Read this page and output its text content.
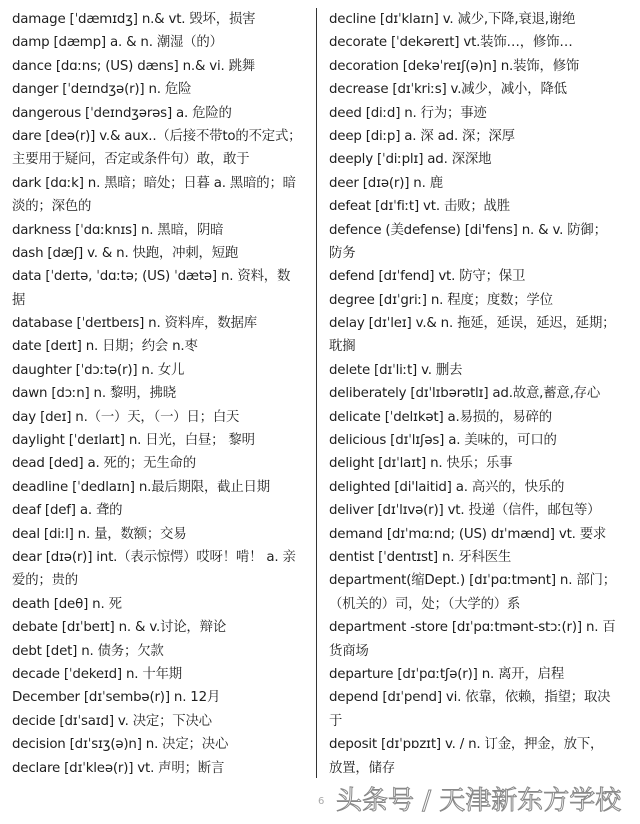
damage [ˈdæmɪdʒ] n.& vt. 毁坏，损害
damp [dæmp] a. & n. 潮湿（的）
dance [dɑːns; (US) dæns] n.& vi. 跳舞
danger [ˈdeɪndʒə(r)] n. 危险
dangerous [ˈdeɪndʒərəs] a. 危险的
dare [deə(r)] v.& aux..（后接不带to的不定式；
主要用于疑问，否定或条件句）敢，敢于
dark [dɑːk] n. 黑暗；暗处；日暮 a. 黑暗的；暗
淡的；深色的
darkness [ˈdɑːknɪs] n. 黑暗，阴暗
dash [dæʃ] v. & n. 快跑，冲刺，短跑
data [ˈdeɪtə, ˈdɑːtə; (US) ˈdætə] n. 资料，数
据
database [ˈdeɪtbeɪs] n. 资料库，数据库
date [deɪt] n. 日期；约会 n.枣
daughter [ˈdɔːtə(r)] n. 女儿
dawn [dɔːn] n. 黎明，拂晓
day [deɪ] n.（一）天，（一）日；白天
daylight [ˈdeɪlaɪt] n. 日光，白昼； 黎明
dead [ded] a. 死的；无生命的
deadline [ˈdedlaɪn] n.最后期限，截止日期
deaf [def] a. 聋的
deal [diːl] n. 量，数额；交易
dear [dɪə(r)] int.（表示惊愕）哎呀！啃！ a. 亲
爱的；贵的
death [deθ] n. 死
debate [dɪˈbeɪt] n. & v.讨论，辩论
debt [det] n. 债务；欠款
decade [ˈdekeɪd] n. 十年期
December [dɪˈsembə(r)] n. 12月
decide [dɪˈsaɪd] v. 决定；下决心
decision [dɪˈsɪʒ(ə)n] n. 决定；决心
declare [dɪˈkleə(r)] vt. 声明；断言
decline [dɪˈklaɪn] v. 减少,下降,衰退,谢绝
decorate [ˈdekəreɪt] vt.装饰…，修饰…
decoration [dekəˈreɪʃ(ə)n] n.装饰，修饰
decrease [dɪˈkriːs] v.减少，减小，降低
deed [diːd] n. 行为；事迹
deep [diːp] a. 深 ad. 深；深厚
deeply [ˈdiːplɪ] ad. 深深地
deer [dɪə(r)] n. 鹿
defeat [dɪˈfiːt] vt. 击败；战胜
defence (美defense) [di'fens] n. & v. 防御；
防务
defend [dɪˈfend] vt. 防守；保卫
degree [dɪˈgriː] n. 程度；度数；学位
delay [dɪˈleɪ] v.& n. 拖延，延误，延迟，延期；
耽搁
delete [dɪˈliːt] v. 删去
deliberately [dɪˈlɪbərətlɪ] ad.故意,蓄意,存心
delicate [ˈdelɪkət] a.易损的，易碎的
delicious [dɪˈlɪʃəs] a. 美味的，可口的
delight [dɪˈlaɪt] n. 快乐；乐事
delighted [di'laitid] a. 高兴的，快乐的
deliver [dɪˈlɪvə(r)] vt. 投递（信件，邮包等）
demand [dɪˈmɑːnd; (US) dɪˈmænd] vt. 要求
dentist [ˈdentɪst] n. 牙科医生
department(缩Dept.) [dɪˈpɑːtmənt] n. 部门；
（机关的）司，处；（大学的）系
department -store [dɪˈpɑːtmənt-stɔː(r)] n. 百
货商场
departure [dɪˈpɑːtʃə(r)] n. 离开，启程
depend [dɪˈpend] vi. 依靠，依赖，指望；取决
于
deposit [dɪˈpɒzɪt] v. / n. 订金，押金，放下，
放置，储存
6 头条号 / 天津新东方学校
